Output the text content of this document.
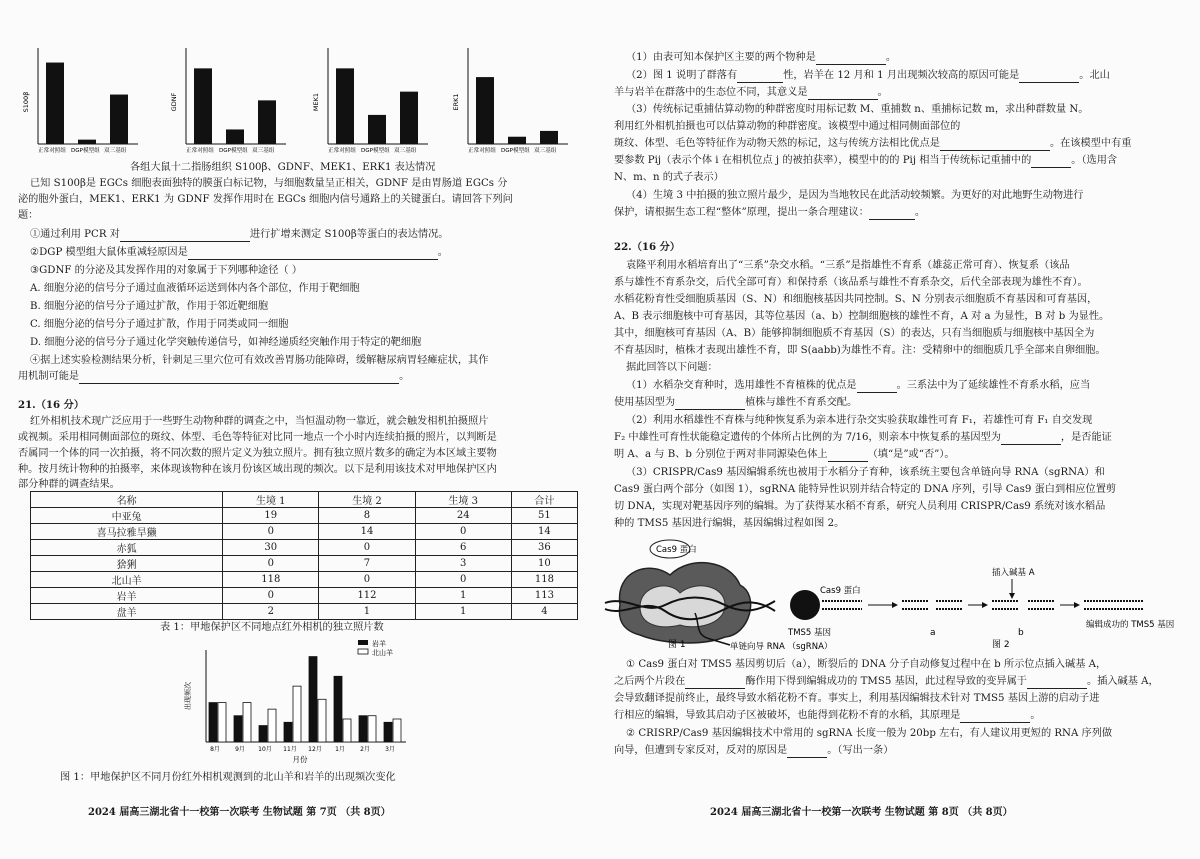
S100β
正常对照组 DGP模型组 双三基组
GDNF
正常对照组 DGP模型组 双三基组
MEK1
正常对照组 DGP模型组 双三基组
ERK1
正常对照组 DGP模型组 双三基组
各组大鼠十二指肠组织 S100β、GDNF、MEK1、ERK1 表达情况
已知 S100β是 EGCs 细胞表面独特的膜蛋白标记物，与细胞数量呈正相关，GDNF 是由胃肠道 EGCs 分
泌的胞外蛋白，MEK1、ERK1 为 GDNF 发挥作用时在 EGCs 细胞内信号通路上的关键蛋白。请回答下列问
题：
①通过利用 PCR 对	进行扩增来测定 S100β等蛋白的表达情况。
②DGP 模型组大鼠体重减轻原因是	。
③GDNF 的分泌及其发挥作用的对象属于下列哪种途径（ ）
A. 细胞分泌的信号分子通过血液循环运送到体内各个部位，作用于靶细胞
B. 细胞分泌的信号分子通过扩散，作用于邻近靶细胞
C. 细胞分泌的信号分子通过扩散，作用于同类或同一细胞
D. 细胞分泌的信号分子通过化学突触传递信号，如神经递质经突触作用于特定的靶细胞
④据上述实验检测结果分析，针刺足三里穴位可有效改善胃肠功能障碍，缓解糖尿病胃轻瘫症状，其作
用机制可能是	。
21.（16 分）
红外相机技术现广泛应用于一些野生动物种群的调查之中，当恒温动物一靠近，就会触发相机拍摄照片
或视频。采用相同侧面部位的斑纹、体型、毛色等特征对比同一地点一个小时内连续拍摄的照片，以判断是
否属同一个体的同一次拍摄，将不同次数的照片定义为独立照片。拥有独立照片数多的确定为本区域主要物
种。按月统计物种的拍摄率，来体现该物种在该月份该区域出现的频次。以下是利用该技术对甲地保护区内
部分种群的调查结果。
名称	生境 1	生境 2	生境 3	合计
中亚兔	19	8	24	51
喜马拉雅旱獭	0	14	0	14
赤狐	30	0	6	36
猞猁	0	7	3	10
北山羊	118	0	0	118
岩羊	0	112	1	113
盘羊	2	1	1	4
表 1：甲地保护区不同地点红外相机的独立照片数
8月	9月 10月 11月 12月 1月	2月	3月
出现频次
月份
岩羊
北山羊
图 1：甲地保护区不同月份红外相机观测到的北山羊和岩羊的出现频次变化
2024 届高三湖北省十一校第一次联考 生物试题 第 7页 （共 8页）
（1）由表可知本保护区主要的两个物种是	。
（2）图 1 说明了群落有	性，岩羊在 12 月和 1 月出现频次较高的原因可能是	。北山
羊与岩羊在群落中的生态位不同，其意义是	。
（3）传统标记重捕估算动物的种群密度时用标记数 M、重捕数 n、重捕标记数 m，求出种群数量 N。
利用红外相机拍摄也可以估算动物的种群密度。该模型中通过相同侧面部位的
斑纹、体型、毛色等特征作为动物天然的标记，这与传统方法相比优点是	。在该模型中有重
要参数 Pij（表示个体 i 在相机位点 j 的被拍获率），模型中的的 Pij 相当于传统标记重捕中的	。（选用含
N、m、n 的式子表示）
（4）生境 3 中拍摄的独立照片最少，是因为当地牧民在此活动较频繁。为更好的对此地野生动物进行
保护，请根据生态工程“整体”原理，提出一条合理建议：	。
22.（16 分）
袁隆平利用水稻培育出了“三系”杂交水稻。“三系”是指雄性不育系（雄蕊正常可育）、恢复系（该品
系与雄性不育系杂交，后代全部可育）和保持系（该品系与雄性不育系杂交，后代全部表现为雄性不育）。
水稻花粉育性受细胞质基因（S、N）和细胞核基因共同控制。S、N 分别表示细胞质不育基因和可育基因，
A、B 表示细胞核中可育基因，其等位基因（a、b）控制细胞核的雄性不育，A 对 a 为显性，B 对 b 为显性。
其中，细胞核可育基因（A、B）能够抑制细胞质不育基因（S）的表达，只有当细胞质与细胞核中基因全为
不育基因时，植株才表现出雄性不育，即 S(aabb)为雄性不育。注：受精卵中的细胞质几乎全部来自卵细胞。
据此回答以下问题：
（1）水稻杂交育种时，选用雄性不育植株的优点是	。三系法中为了延续雄性不育系水稻，应当
使用基因型为	植株与雄性不育系交配。
（2）利用水稻雄性不育株与纯种恢复系为亲本进行杂交实验获取雄性可育 F₁，若雄性可育 F₁ 自交发现
F₂ 中雄性可育性状能稳定遗传的个体所占比例的为 7/16，则亲本中恢复系的基因型为	，是否能证
明 A、a 与 B、b 分别位于两对非同源染色体上	（填“是”或“否”）。
（3）CRISPR/Cas9 基因编辑系统也被用于水稻分子育种，该系统主要包含单链向导 RNA（sgRNA）和
Cas9 蛋白两个部分（如图 1），sgRNA 能特异性识别并结合特定的 DNA 序列，引导 Cas9 蛋白到相应位置剪
切 DNA，实现对靶基因序列的编辑。为了获得某水稻不育系，研究人员利用 CRISPR/Cas9 系统对该水稻品
种的 TMS5 基因进行编辑，基因编辑过程如图 2。
Cas9 蛋白
单链向导 RNA （sgRNA）
图 1
Cas9 蛋白
TMS5 基因	a
插入碱基 A
b
编辑成功的 TMS5 基因
图 2
① Cas9 蛋白对 TMS5 基因剪切后（a），断裂后的 DNA 分子自动修复过程中在 b 所示位点插入碱基 A，
之后两个片段在	酶作用下得到编辑成功的 TMS5 基因，此过程导致的变异属于	。插入碱基 A，
会导致翻译提前终止，最终导致水稻花粉不育。事实上，利用基因编辑技术针对 TMS5 基因上游的启动子进
行相应的编辑，导致其启动子区被破坏，也能得到花粉不育的水稻，其原理是	。
② CRISRP/Cas9 基因编辑技术中常用的 sgRNA 长度一般为 20bp 左右，有人建议用更短的 RNA 序列做
向导，但遭到专家反对，反对的原因是	。（写出一条）
2024 届高三湖北省十一校第一次联考 生物试题 第 8页 （共 8页）
